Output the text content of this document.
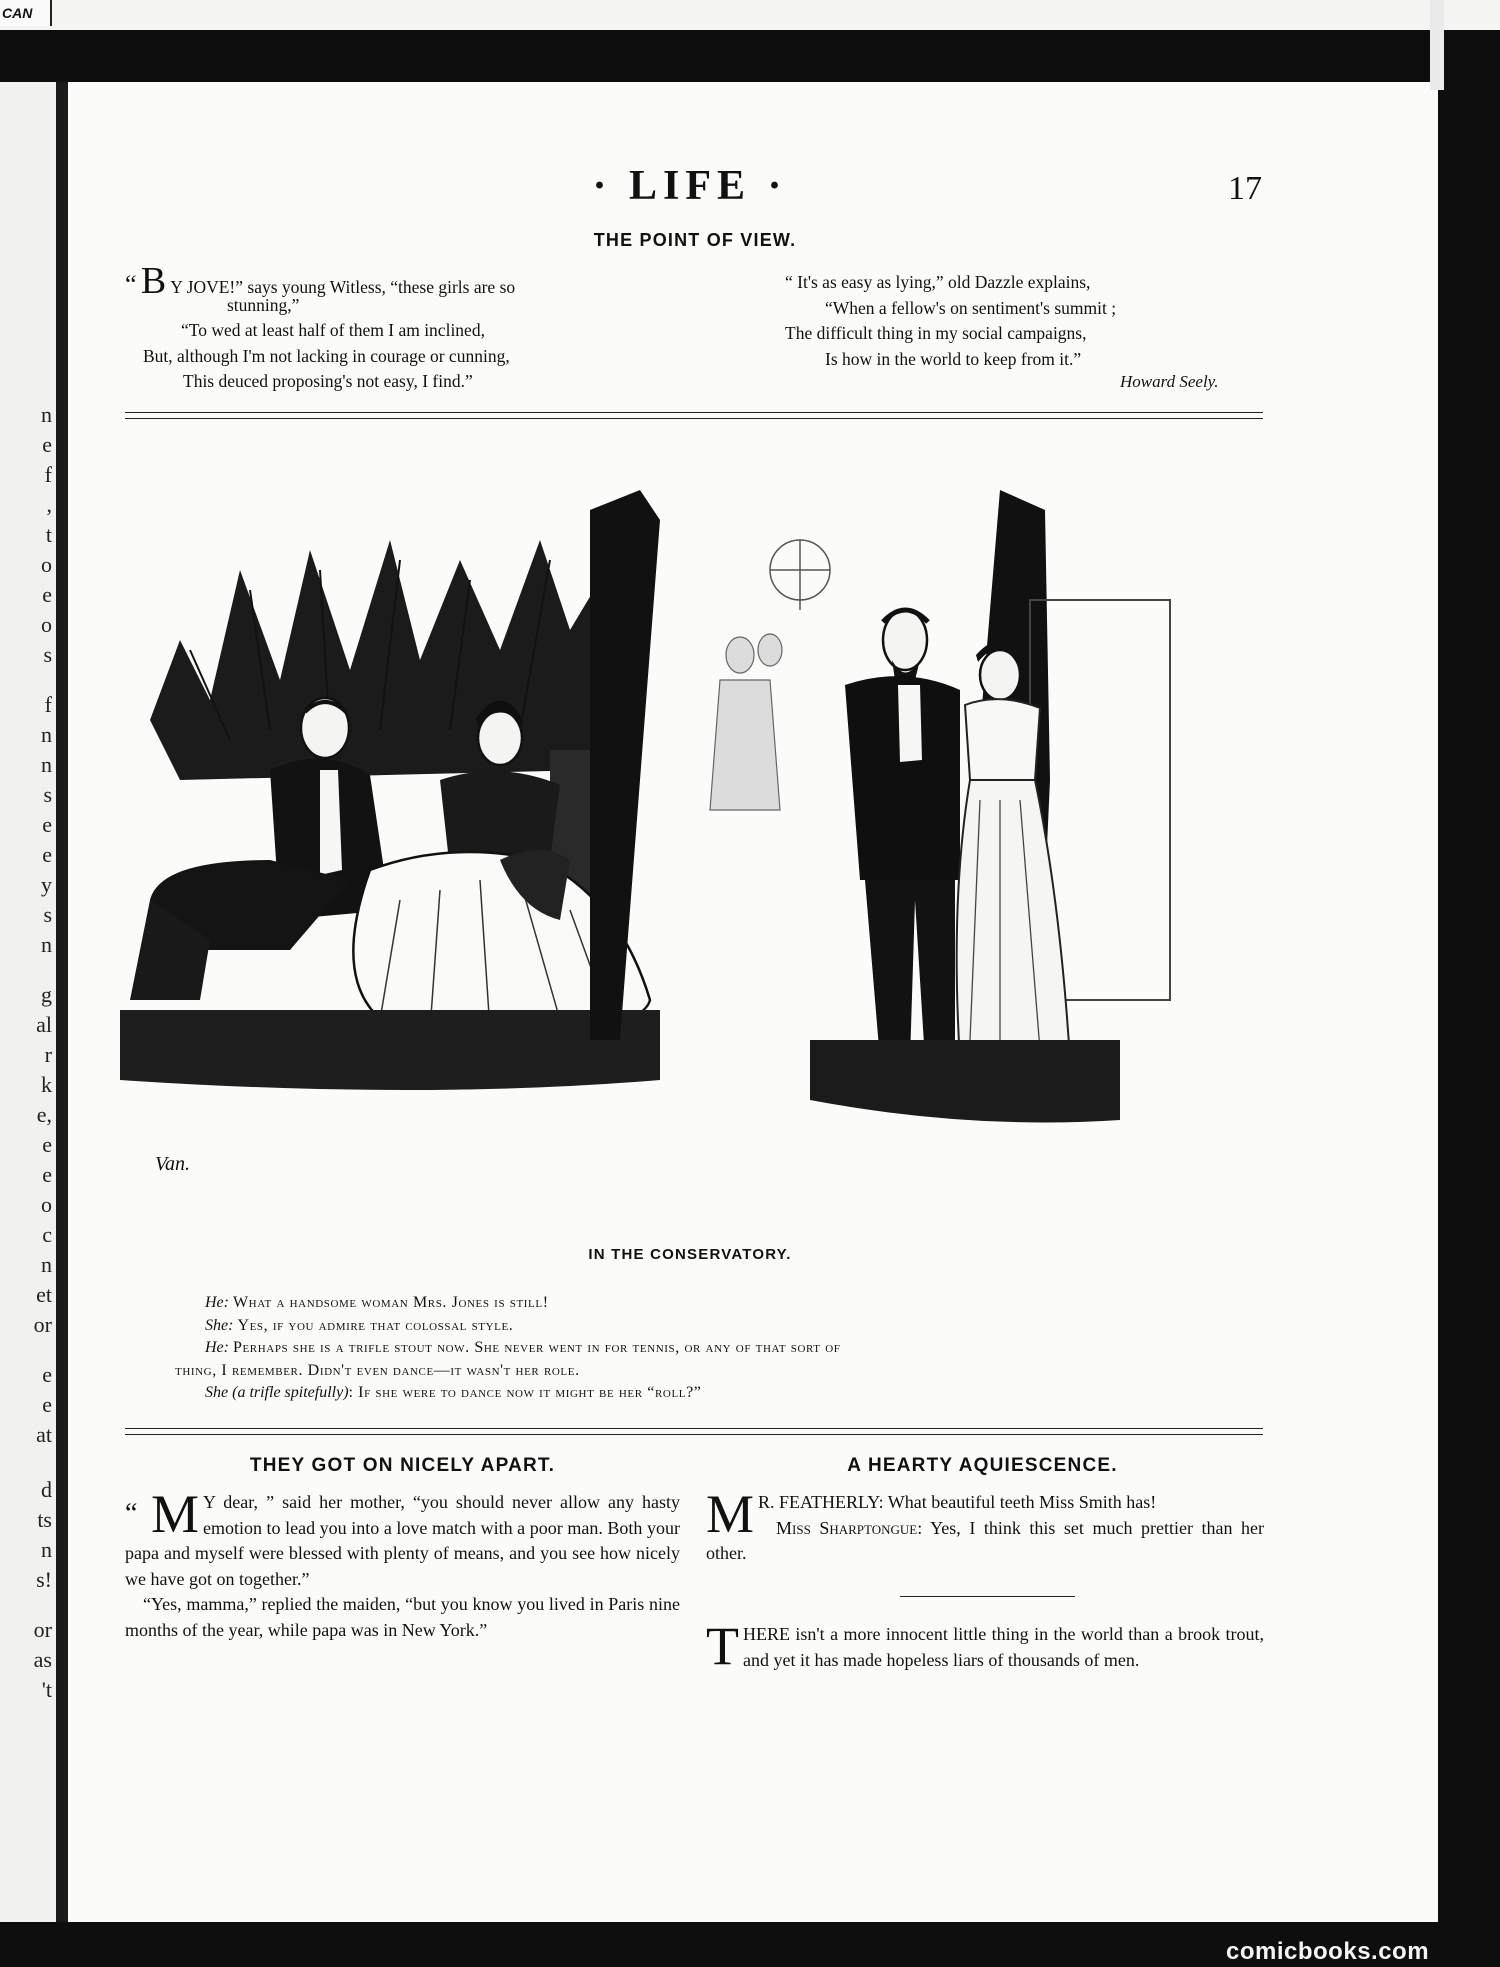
CAN
n
e
f
,
t
o
e
o
s
f
n
n
s
e
e
y
s
n
g
al
r
k
e,
e
e
o
c
n
et
or
e
e
at
d
ts
n
s!
or
as
't
· LIFE ·	17
THE POINT OF VIEW.
“ B Y JOVE!” says young Witless, “these girls are so
stunning,”
“To wed at least half of them I am inclined,
But, although I'm not lacking in courage or cunning,
This deuced proposing's not easy, I find.”
“ It's as easy as lying,” old Dazzle explains,
“When a fellow's on sentiment's summit ;
The difficult thing in my social campaigns,
Is how in the world to keep from it.”
Howard Seely.
Van.
IN THE CONSERVATORY.
He: What a handsome woman Mrs. Jones is still!
She: Yes, if you admire that colossal style.
He: Perhaps she is a trifle stout now. She never went in for tennis, or any of that sort of
thing, I remember. Didn't even dance—it wasn't her role.
She (a trifle spitefully): If she were to dance now it might be her “roll?”
THEY GOT ON NICELY APART.

“ M Y dear, ” said her mother, “you should never allow any hasty emotion to lead you into a love match with a poor man. Both your papa and myself were blessed with plenty of means, and you see how nicely we have got on together.”

“Yes, mamma,” replied the maiden, “but you know you lived in Paris nine months of the year, while papa was in New York.”

A HEARTY AQUIESCENCE.

M R. FEATHERLY: What beautiful teeth Miss Smith has!

Miss Sharptongue: Yes, I think this set much prettier than her other.

THERE isn't a more innocent little thing in the world than a brook trout, and yet it has made hopeless liars of thousands of men.

comicbooks.com
